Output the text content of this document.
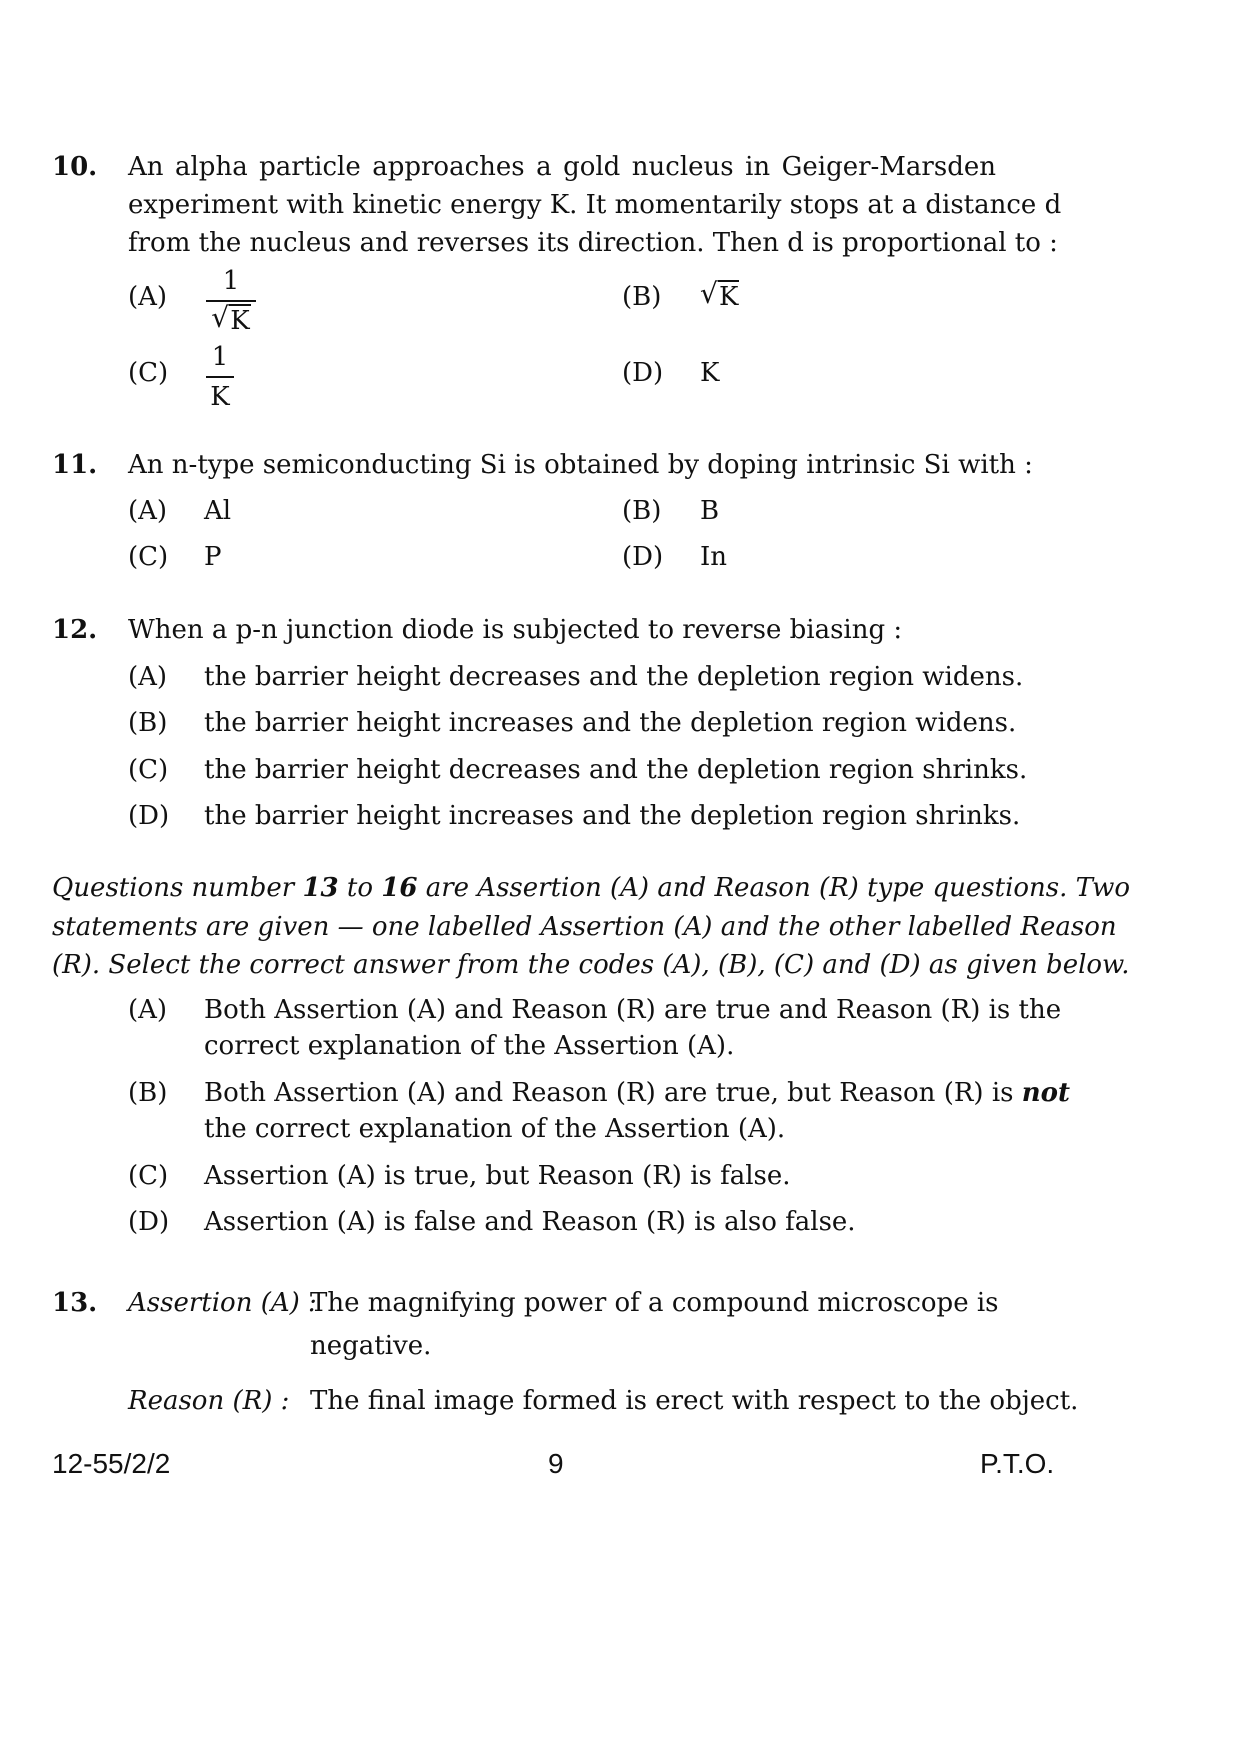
10. An alpha particle approaches a gold nucleus in Geiger-Marsden
experiment with kinetic energy K. It momentarily stops at a distance d
from the nucleus and reverses its direction. Then d is proportional to :
(A)
1
√ K
(B) √ K
(C)
1
K
(D) K
11. An n-type semiconducting Si is obtained by doping intrinsic Si with :
(A) Al	(B) B
(C) P	(D) In
12. When a p-n junction diode is subjected to reverse biasing :
(A) the barrier height decreases and the depletion region widens.
(B) the barrier height increases and the depletion region widens.
(C) the barrier height decreases and the depletion region shrinks.
(D) the barrier height increases and the depletion region shrinks.
Questions number 13 to 16 are Assertion (A) and Reason (R) type questions. Two
statements are given — one labelled Assertion (A) and the other labelled Reason
(R). Select the correct answer from the codes (A), (B), (C) and (D) as given below.
(A) Both Assertion (A) and Reason (R) are true and Reason (R) is the
correct explanation of the Assertion (A).
(B) Both Assertion (A) and Reason (R) are true, but Reason (R) is not
the correct explanation of the Assertion (A).
(C) Assertion (A) is true, but Reason (R) is false.
(D) Assertion (A) is false and Reason (R) is also false.
13. Assertion (A) :
The magnifying power of a compound microscope is
negative.
Reason (R) : The final image formed is erect with respect to the object.
12-55/2/2	9	P.T.O.
